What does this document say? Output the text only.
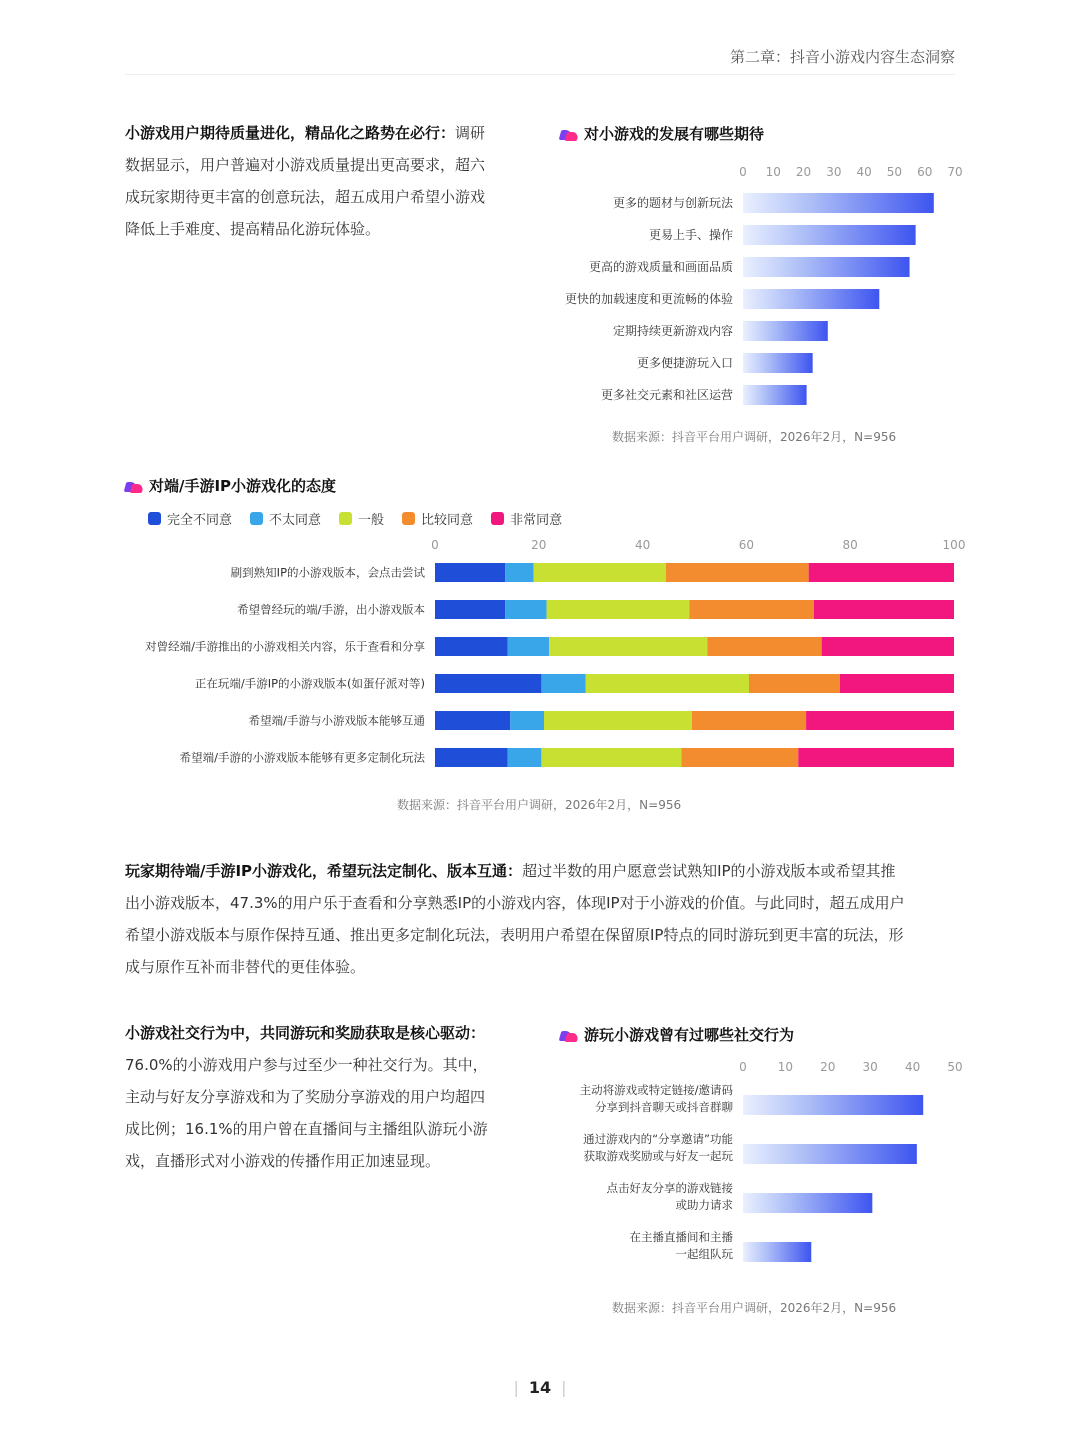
第二章：抖音小游戏内容生态洞察
小游戏用户期待质量进化，精品化之路势在必行：调研
数据显示，用户普遍对小游戏质量提出更高要求，超六
成玩家期待更丰富的创意玩法，超五成用户希望小游戏
降低上手难度、提高精品化游玩体验。
对小游戏的发展有哪些期待
0 10 20 30 40 50 60 70
更多的题材与创新玩法
更易上手、操作
更高的游戏质量和画面品质
更快的加载速度和更流畅的体验
定期持续更新游戏内容
更多便捷游玩入口
更多社交元素和社区运营
数据来源：抖音平台用户调研，2026年2月，N=956
对端/手游IP小游戏化的态度
完全不同意	不太同意	一般	比较同意	非常同意
0	20	40	60	80	100
刷到熟知IP的小游戏版本，会点击尝试
希望曾经玩的端/手游，出小游戏版本
对曾经端/手游推出的小游戏相关内容，乐于查看和分享
正在玩端/手游IP的小游戏版本(如蛋仔派对等)
希望端/手游与小游戏版本能够互通
希望端/手游的小游戏版本能够有更多定制化玩法
数据来源：抖音平台用户调研，2026年2月，N=956
玩家期待端/手游IP小游戏化，希望玩法定制化、版本互通：超过半数的用户愿意尝试熟知IP的小游戏版本或希望其推
出小游戏版本，47.3%的用户乐于查看和分享熟悉IP的小游戏内容，体现IP对于小游戏的价值。与此同时，超五成用户
希望小游戏版本与原作保持互通、推出更多定制化玩法，表明用户希望在保留原IP特点的同时游玩到更丰富的玩法，形
成与原作互补而非替代的更佳体验。
小游戏社交行为中，共同游玩和奖励获取是核心驱动：
76.0%的小游戏用户参与过至少一种社交行为。其中，
主动与好友分享游戏和为了奖励分享游戏的用户均超四
成比例；16.1%的用户曾在直播间与主播组队游玩小游
戏，直播形式对小游戏的传播作用正加速显现。
游玩小游戏曾有过哪些社交行为
0	10 20 30 40 50
主动将游戏或特定链接/邀请码
分享到抖音聊天或抖音群聊
通过游戏内的“分享邀请”功能
获取游戏奖励或与好友一起玩
点击好友分享的游戏链接
或助力请求
在主播直播间和主播
一起组队玩
数据来源：抖音平台用户调研，2026年2月，N=956
| 14 |
